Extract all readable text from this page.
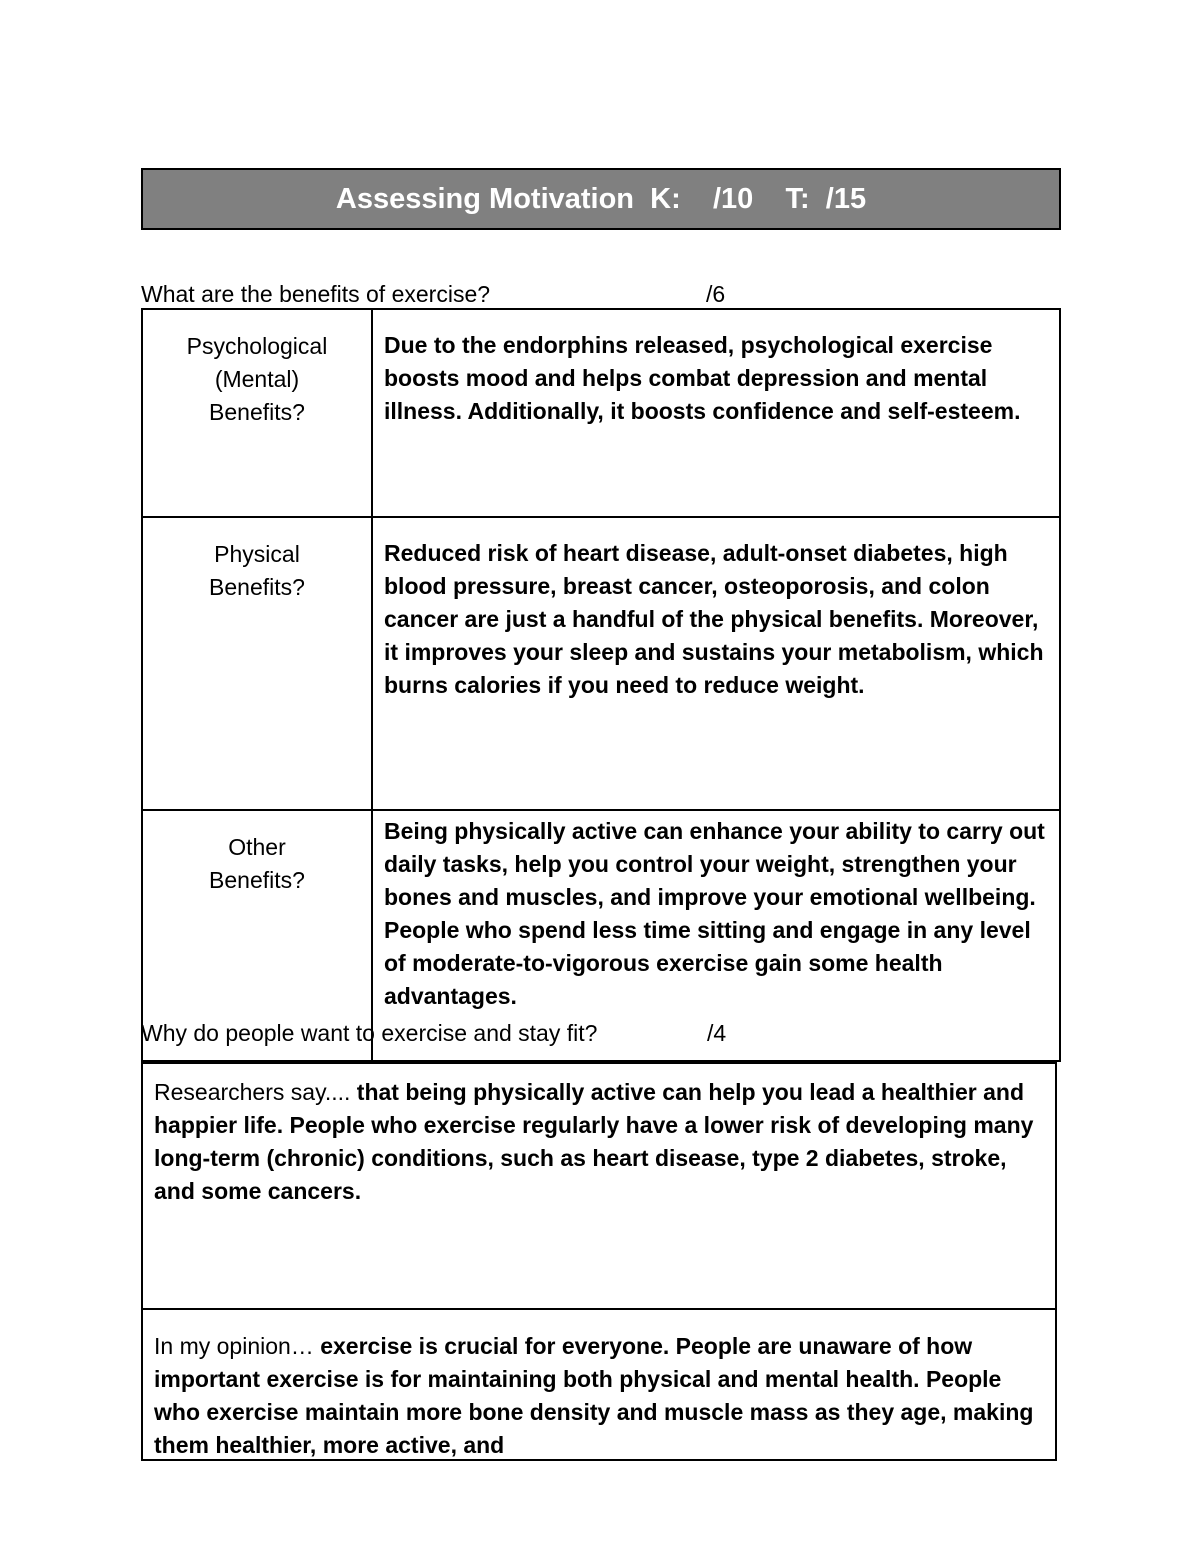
Assessing Motivation  K:    /10    T:  /15
What are the benefits of exercise?	/6
Psychological
(Mental)
Benefits?	Due to the endorphins released, psychological exercise boosts mood and helps combat depression and mental illness. Additionally, it boosts confidence and self-esteem.

Physical
Benefits?	Reduced risk of heart disease, adult-onset diabetes, high blood pressure, breast cancer, osteoporosis, and colon cancer are just a handful of the physical benefits. Moreover, it improves your sleep and sustains your metabolism, which burns calories if you need to reduce weight.

Other
Benefits?	Being physically active can enhance your ability to carry out daily tasks, help you control your weight, strengthen your bones and muscles, and improve your emotional wellbeing. People who spend less time sitting and engage in any level of moderate-to-vigorous exercise gain some health advantages.
Why do people want to exercise and stay fit?	/4
Researchers say.... that being physically active can help you lead a healthier and happier life. People who exercise regularly have a lower risk of developing many long-term (chronic) conditions, such as heart disease, type 2 diabetes, stroke, and some cancers.
In my opinion… exercise is crucial for everyone. People are unaware of how important exercise is for maintaining both physical and mental health. People who exercise maintain more bone density and muscle mass as they age, making them healthier, more active, and
